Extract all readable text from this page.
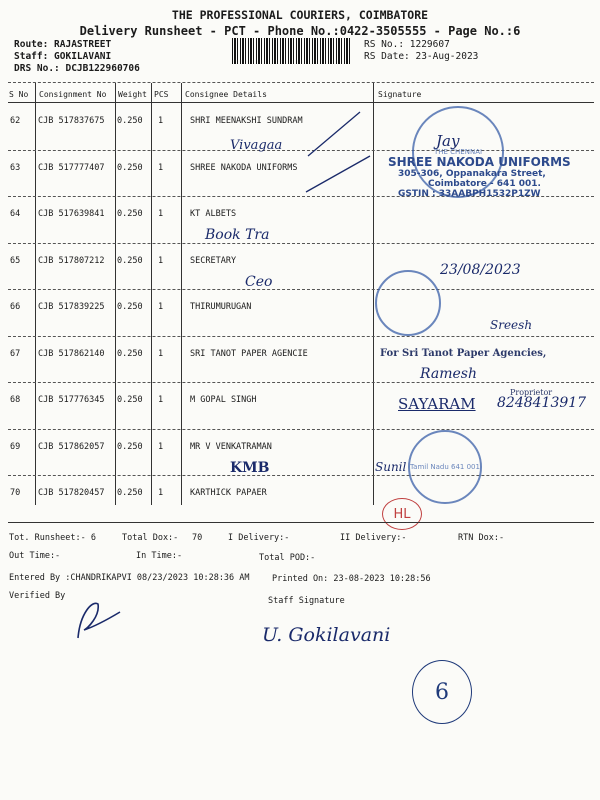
THE PROFESSIONAL COURIERS, COIMBATORE
Delivery Runsheet - PCT - Phone No.:0422-3505555 - Page No.:6
Route: RAJASTREET
Staff: GOKILAVANI
DRS No.: DCJB122960706
RS No.: 1229607
RS Date: 23-Aug-2023
S No Consignment No Weight PCS Consignee Details	Signature
62 CJB 517837675 0.250 1	SHRI MEENAKSHI SUNDRAM
63 CJB 517777407 0.250 1	SHREE NAKODA UNIFORMS
64 CJB 517639841 0.250 1	KT ALBETS
65 CJB 517807212 0.250 1	SECRETARY
66 CJB 517839225 0.250 1	THIRUMURUGAN
67 CJB 517862140 0.250 1	SRI TANOT PAPER AGENCIE
68 CJB 517776345 0.250 1	M GOPAL SINGH
69 CJB 517862057 0.250 1	MR V VENKATRAMAN
70 CJB 517820457 0.250 1	KARTHICK PAPAER
Vivagaa
Book Tra
Ceo
KMB
THE CHENNAI
Jay
SHREE NAKODA UNIFORMS
305-306, Oppanakara Street,
Coimbatore - 641 001.
GSTIN : 33AABPH1532P1ZW
23/08/2023
Sreesh
For Sri Tanot Paper Agencies,
Ramesh
Proprietor
SAYARAM 8248413917
Tamil Nadu 641 001
Sunil
HL
Tot. Runsheet:- 6	Total Dox:- 70	I Delivery:-	II Delivery:-	RTN Dox:-
Out Time:-	In Time:-	Total POD:-
Entered By :CHANDRIKAPVI 08/23/2023 10:28:36 AM	Printed On: 23-08-2023 10:28:56
Verified By	Staff Signature
U. Gokilavani
6
